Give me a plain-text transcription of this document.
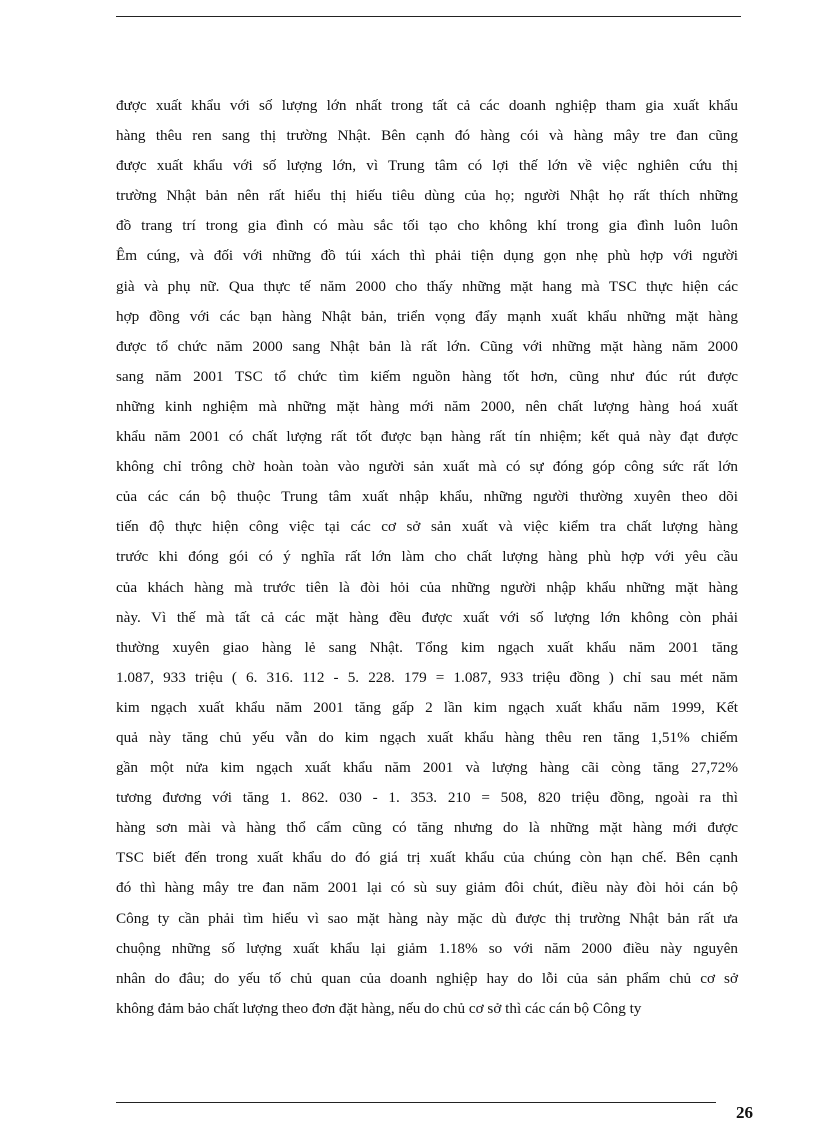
được xuất khẩu với số lượng lớn nhất trong tất cả các doanh nghiệp tham gia xuất khẩu
hàng thêu ren sang thị trường Nhật. Bên cạnh đó hàng cói và hàng mây tre đan cũng
được xuất khẩu với số lượng lớn, vì Trung tâm có lợi thế lớn về việc nghiên cứu thị
trường Nhật bản nên rất hiểu thị hiếu tiêu dùng của họ; người Nhật họ rất thích những
đồ trang trí trong gia đình có màu sắc tối tạo cho không khí trong gia đình luôn luôn
Êm cúng, và đối với những đồ túi xách thì phải tiện dụng gọn nhẹ phù hợp với người
già và phụ nữ. Qua thực tế năm 2000 cho thấy những mặt hang mà TSC thực hiện các
hợp đồng với các bạn hàng Nhật bản, triển vọng đẩy mạnh xuất khẩu những mặt hàng
được tổ chức năm 2000 sang Nhật bản là rất lớn. Cũng với những mặt hàng năm 2000
sang năm 2001 TSC tổ chức tìm kiếm nguồn hàng tốt hơn, cũng như đúc rút được
những kinh nghiệm mà những mặt hàng mới năm 2000, nên chất lượng hàng hoá xuất
khẩu năm 2001 có chất lượng rất tốt được bạn hàng rất tín nhiệm; kết quả này đạt được
không chỉ trông chờ hoàn toàn vào người sản xuất mà có sự đóng góp công sức rất lớn
của các cán bộ thuộc Trung tâm xuất nhập khẩu, những người thường xuyên theo dõi
tiến độ thực hiện công việc tại các cơ sở sản xuất và việc kiểm tra chất lượng hàng
trước khi đóng gói có ý nghĩa rất lớn làm cho chất lượng hàng phù hợp với yêu cầu
của khách hàng mà trước tiên là đòi hỏi của những người nhập khẩu những mặt hàng
này. Vì thế mà tất cả các mặt hàng đều được xuất với số lượng lớn không còn phải
thường xuyên giao hàng lẻ sang Nhật. Tổng kim ngạch xuất khẩu năm 2001 tăng
1.087, 933 triệu ( 6. 316. 112 - 5. 228. 179 = 1.087, 933 triệu đồng ) chỉ sau mét năm
kim ngạch xuất khẩu năm 2001 tăng gấp 2 lần kim ngạch xuất khẩu năm 1999, Kết
quả này tăng chủ yếu vẫn do kim ngạch xuất khẩu hàng thêu ren tăng 1,51% chiếm
gần một nửa kim ngạch xuất khẩu năm 2001 và lượng hàng cãi còng tăng 27,72%
tương đương với tăng 1. 862. 030 - 1. 353. 210 = 508, 820 triệu đồng, ngoài ra thì
hàng sơn mài và hàng thổ cẩm cũng có tăng nhưng do là những mặt hàng mới được
TSC biết đến trong xuất khẩu do đó giá trị xuất khẩu của chúng còn hạn chế. Bên cạnh
đó thì hàng mây tre đan năm 2001 lại có sù suy giảm đôi chút, điều này đòi hỏi cán bộ
Công ty cần phải tìm hiểu vì sao mặt hàng này mặc dù được thị trường Nhật bản rất ưa
chuộng những số lượng xuất khẩu lại giảm 1.18% so với năm 2000 điều này nguyên
nhân do đâu; do yếu tố chủ quan của doanh nghiệp hay do lỗi của sản phẩm chủ cơ sở
không đảm bảo chất lượng theo đơn đặt hàng, nếu do chủ cơ sở thì các cán bộ Công ty
26
